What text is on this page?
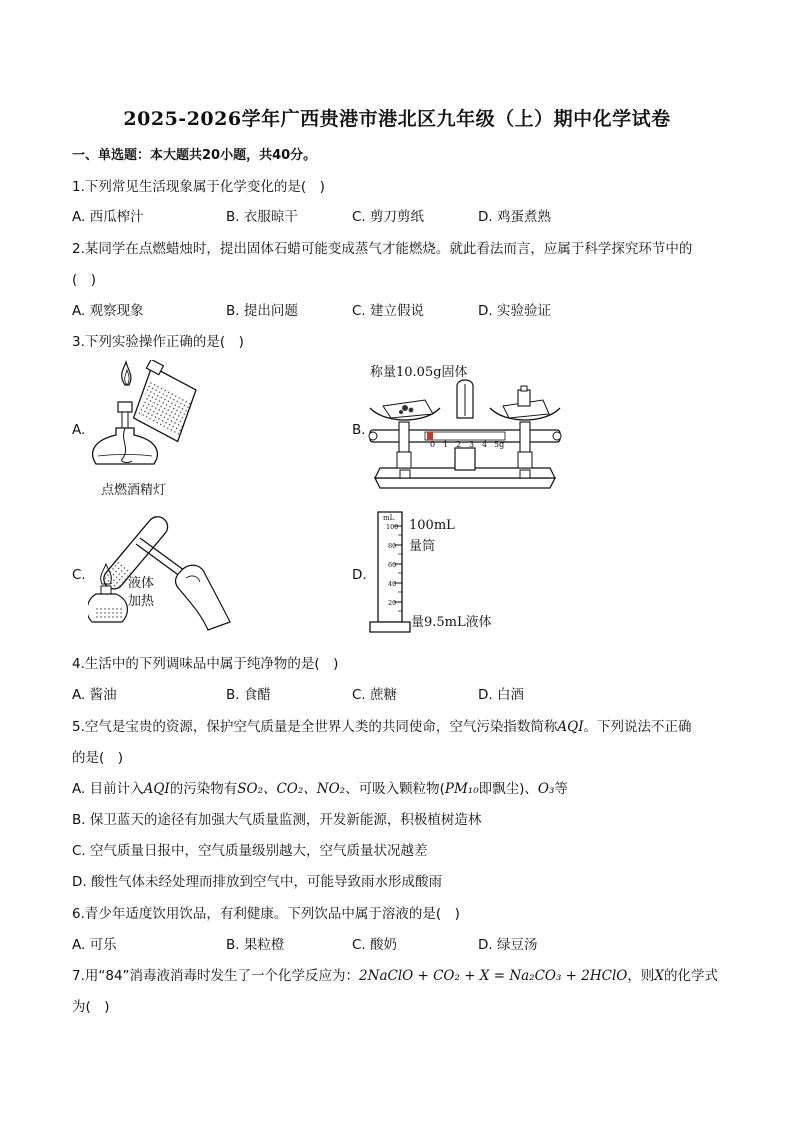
2025-2026学年广西贵港市港北区九年级（上）期中化学试卷
一、单选题：本大题共20小题，共40分。
1.下列常见生活现象属于化学变化的是(　)
A. 西瓜榨汁	B. 衣服晾干	C. 剪刀剪纸	D. 鸡蛋煮熟
2.某同学在点燃蜡烛时，提出固体石蜡可能变成蒸气才能燃烧。就此看法而言，应属于科学探究环节中的
(　)
A. 观察现象	B. 提出问题	C. 建立假说	D. 实验验证
3.下列实验操作正确的是(　)
A.
点燃酒精灯
B.
称量10.05g固体
0 1 2 3 4 5g
C.
液体
加热
D.
mL
100
80
60
40
20
100mL
量筒
量9.5mL液体
4.生活中的下列调味品中属于纯净物的是(　)
A. 酱油	B. 食醋	C. 蔗糖	D. 白酒
5.空气是宝贵的资源，保护空气质量是全世界人类的共同使命，空气污染指数简称AQI。下列说法不正确
的是(　)
A. 目前计入AQI的污染物有SO₂、CO₂、NO₂、可吸入颗粒物(PM₁₀即飘尘)、O₃等
B. 保卫蓝天的途径有加强大气质量监测，开发新能源，积极植树造林
C. 空气质量日报中，空气质量级别越大，空气质量状况越差
D. 酸性气体未经处理而排放到空气中，可能导致雨水形成酸雨
6.青少年适度饮用饮品，有利健康。下列饮品中属于溶液的是(　)
A. 可乐	B. 果粒橙	C. 酸奶	D. 绿豆汤
7.用“84”消毒液消毒时发生了一个化学反应为：2NaClO + CO₂ + X = Na₂CO₃ + 2HClO，则X的化学式
为(　)
